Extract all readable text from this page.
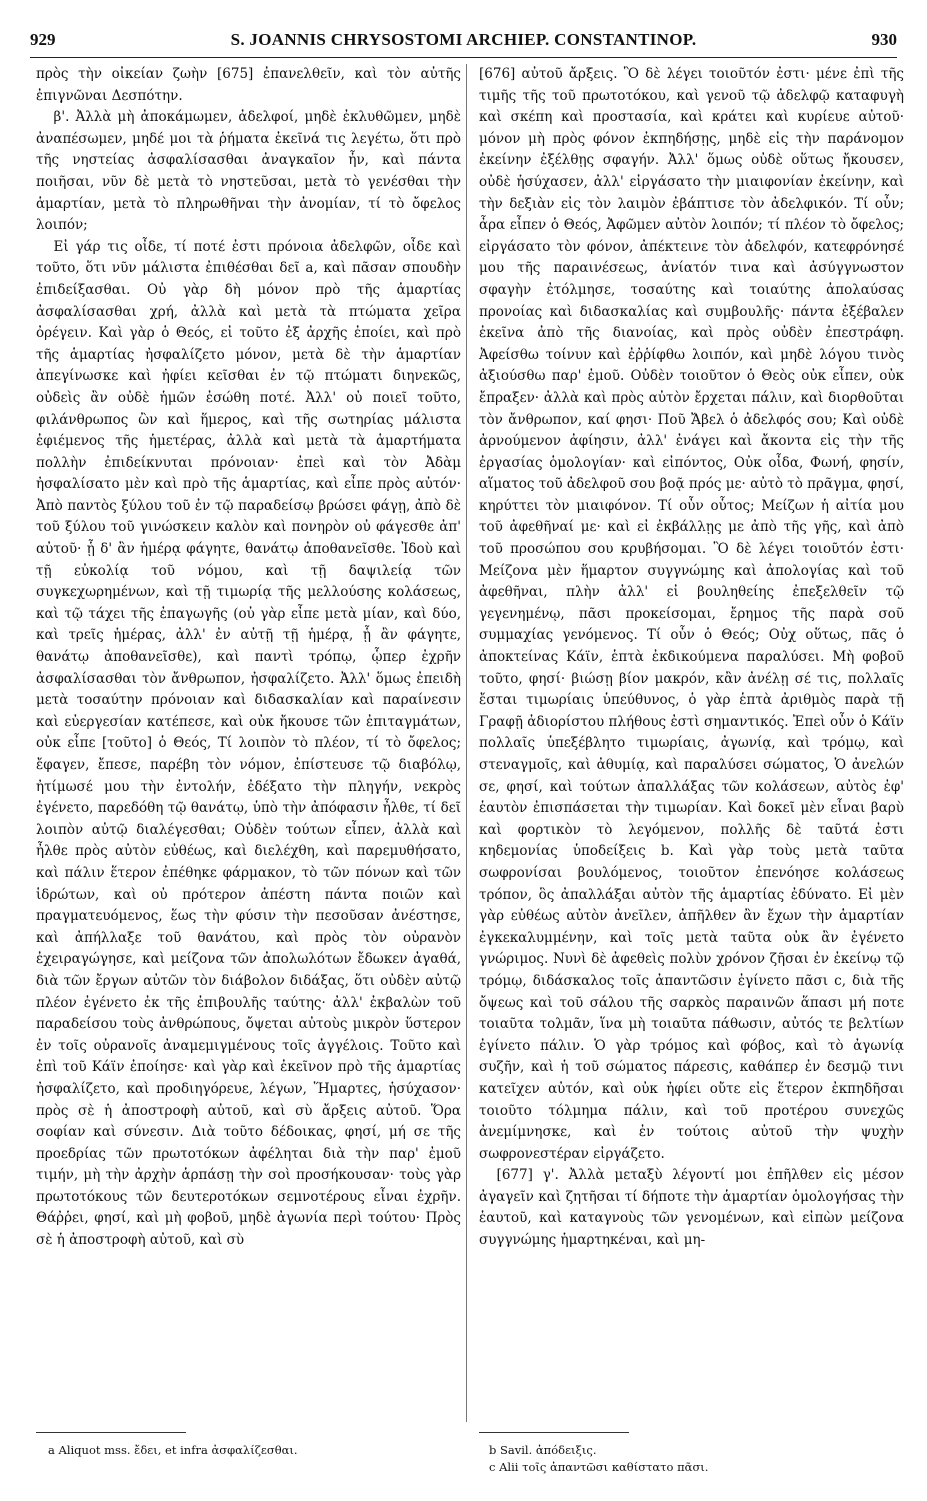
929	S. JOANNIS CHRYSOSTOMI ARCHIEP. CONSTANTINOP.	930

πρὸς τὴν οἰκείαν ζωὴν [675] ἐπανελθεῖν, καὶ τὸν αὐτῆς ἐπιγνῶναι Δεσπότην.

β'. Ἀλλὰ μὴ ἀποκάμωμεν, ἀδελφοί, μηδὲ ἐκλυθῶμεν, μηδὲ ἀναπέσωμεν, μηδέ μοι τὰ ῥήματα ἐκεῖνά τις λεγέτω, ὅτι πρὸ τῆς νηστείας ἀσφαλίσασθαι ἀναγκαῖον ἦν, καὶ πάντα ποιῆσαι, νῦν δὲ μετὰ τὸ νηστεῦσαι, μετὰ τὸ γενέσθαι τὴν ἁμαρτίαν, μετὰ τὸ πληρωθῆναι τὴν ἀνομίαν, τί τὸ ὄφελος λοιπόν;

Εἰ γάρ τις οἶδε, τί ποτέ ἐστι πρόνοια ἀδελφῶν, οἶδε καὶ τοῦτο, ὅτι νῦν μάλιστα ἐπιθέσθαι δεῖ a, καὶ πᾶσαν σπουδὴν ἐπιδείξασθαι. Οὐ γὰρ δὴ μόνον πρὸ τῆς ἁμαρτίας ἀσφαλίσασθαι χρή, ἀλλὰ καὶ μετὰ τὰ πτώματα χεῖρα ὀρέγειν. Καὶ γὰρ ὁ Θεός, εἰ τοῦτο ἐξ ἀρχῆς ἐποίει, καὶ πρὸ τῆς ἁμαρτίας ἠσφαλίζετο μόνον, μετὰ δὲ τὴν ἁμαρτίαν ἀπεγίνωσκε καὶ ἠφίει κεῖσθαι ἐν τῷ πτώματι διηνεκῶς, οὐδεὶς ἂν οὐδὲ ἡμῶν ἐσώθη ποτέ. Ἀλλ' οὐ ποιεῖ τοῦτο, φιλάνθρωπος ὢν καὶ ἥμερος, καὶ τῆς σωτηρίας μάλιστα ἐφιέμενος τῆς ἡμετέρας, ἀλλὰ καὶ μετὰ τὰ ἁμαρτήματα πολλὴν ἐπιδείκνυται πρόνοιαν· ἐπεὶ καὶ τὸν Ἀδὰμ ἠσφαλίσατο μὲν καὶ πρὸ τῆς ἁμαρτίας, καὶ εἶπε πρὸς αὐτόν· Ἀπὸ παντὸς ξύλου τοῦ ἐν τῷ παραδείσῳ βρώσει φάγῃ, ἀπὸ δὲ τοῦ ξύλου τοῦ γινώσκειν καλὸν καὶ πονηρὸν οὐ φάγεσθε ἀπ' αὐτοῦ· ᾗ δ' ἂν ἡμέρᾳ φάγητε, θανάτῳ ἀποθανεῖσθε. Ἰδοὺ καὶ τῇ εὐκολίᾳ τοῦ νόμου, καὶ τῇ δαψιλείᾳ τῶν συγκεχωρημένων, καὶ τῇ τιμωρίᾳ τῆς μελλούσης κολάσεως, καὶ τῷ τάχει τῆς ἐπαγωγῆς (οὐ γὰρ εἶπε μετὰ μίαν, καὶ δύο, καὶ τρεῖς ἡμέρας, ἀλλ' ἐν αὐτῇ τῇ ἡμέρᾳ, ᾗ ἂν φάγητε, θανάτῳ ἀποθανεῖσθε), καὶ παντὶ τρόπῳ, ᾧπερ ἐχρῆν ἀσφαλίσασθαι τὸν ἄνθρωπον, ἠσφαλίζετο. Ἀλλ' ὅμως ἐπειδὴ μετὰ τοσαύτην πρόνοιαν καὶ διδασκαλίαν καὶ παραίνεσιν καὶ εὐεργεσίαν κατέπεσε, καὶ οὐκ ἤκουσε τῶν ἐπιταγμάτων, οὐκ εἶπε [τοῦτο] ὁ Θεός, Τί λοιπὸν τὸ πλέον, τί τὸ ὄφελος; ἔφαγεν, ἔπεσε, παρέβη τὸν νόμον, ἐπίστευσε τῷ διαβόλῳ, ἠτίμωσέ μου τὴν ἐντολήν, ἐδέξατο τὴν πληγήν, νεκρὸς ἐγένετο, παρεδόθη τῷ θανάτῳ, ὑπὸ τὴν ἀπόφασιν ἦλθε, τί δεῖ λοιπὸν αὐτῷ διαλέγεσθαι; Οὐδὲν τούτων εἶπεν, ἀλλὰ καὶ ἦλθε πρὸς αὐτὸν εὐθέως, καὶ διελέχθη, καὶ παρεμυθήσατο, καὶ πάλιν ἕτερον ἐπέθηκε φάρμακον, τὸ τῶν πόνων καὶ τῶν ἱδρώτων, καὶ οὐ πρότερον ἀπέστη πάντα ποιῶν καὶ πραγματευόμενος, ἕως τὴν φύσιν τὴν πεσοῦσαν ἀνέστησε, καὶ ἀπήλλαξε τοῦ θανάτου, καὶ πρὸς τὸν οὐρανὸν ἐχειραγώγησε, καὶ μείζονα τῶν ἀπολωλότων ἔδωκεν ἀγαθά, διὰ τῶν ἔργων αὐτῶν τὸν διάβολον διδάξας, ὅτι οὐδὲν αὐτῷ πλέον ἐγένετο ἐκ τῆς ἐπιβουλῆς ταύτης· ἀλλ' ἐκβαλὼν τοῦ παραδείσου τοὺς ἀνθρώπους, ὄψεται αὐτοὺς μικρὸν ὕστερον ἐν τοῖς οὐρανοῖς ἀναμεμιγμένους τοῖς ἀγγέλοις. Τοῦτο καὶ ἐπὶ τοῦ Κάϊν ἐποίησε· καὶ γὰρ καὶ ἐκεῖνον πρὸ τῆς ἁμαρτίας ἠσφαλίζετο, καὶ προδιηγόρευε, λέγων, Ἥμαρτες, ἡσύχασον· πρὸς σὲ ἡ ἀποστροφὴ αὐτοῦ, καὶ σὺ ἄρξεις αὐτοῦ. Ὅρα σοφίαν καὶ σύνεσιν. Διὰ τοῦτο δέδοικας, φησί, μή σε τῆς προεδρίας τῶν πρωτοτόκων ἀφέληται διὰ τὴν παρ' ἐμοῦ τιμήν, μὴ τὴν ἀρχὴν ἁρπάσῃ τὴν σοὶ προσήκουσαν· τοὺς γὰρ πρωτοτόκους τῶν δευτεροτόκων σεμνοτέρους εἶναι ἐχρῆν. Θάῤῥει, φησί, καὶ μὴ φοβοῦ, μηδὲ ἀγωνία περὶ τούτου· Πρὸς σὲ ἡ ἀποστροφὴ αὐτοῦ, καὶ σὺ

[676] αὐτοῦ ἄρξεις. Ὃ δὲ λέγει τοιοῦτόν ἐστι· μένε ἐπὶ τῆς τιμῆς τῆς τοῦ πρωτοτόκου, καὶ γενοῦ τῷ ἀδελφῷ καταφυγὴ καὶ σκέπη καὶ προστασία, καὶ κράτει καὶ κυρίευε αὐτοῦ· μόνον μὴ πρὸς φόνον ἐκπηδήσῃς, μηδὲ εἰς τὴν παράνομον ἐκείνην ἐξέλθῃς σφαγήν. Ἀλλ' ὅμως οὐδὲ οὕτως ἤκουσεν, οὐδὲ ἡσύχασεν, ἀλλ' εἰργάσατο τὴν μιαιφονίαν ἐκείνην, καὶ τὴν δεξιὰν εἰς τὸν λαιμὸν ἐβάπτισε τὸν ἀδελφικόν. Τί οὖν; ἆρα εἶπεν ὁ Θεός, Ἀφῶμεν αὐτὸν λοιπόν; τί πλέον τὸ ὄφελος; εἰργάσατο τὸν φόνον, ἀπέκτεινε τὸν ἀδελφόν, κατεφρόνησέ μου τῆς παραινέσεως, ἀνίατόν τινα καὶ ἀσύγγνωστον σφαγὴν ἐτόλμησε, τοσαύτης καὶ τοιαύτης ἀπολαύσας προνοίας καὶ διδασκαλίας καὶ συμβουλῆς· πάντα ἐξέβαλεν ἐκεῖνα ἀπὸ τῆς διανοίας, καὶ πρὸς οὐδὲν ἐπεστράφη. Ἀφείσθω τοίνυν καὶ ἐῤῥίφθω λοιπόν, καὶ μηδὲ λόγου τινὸς ἀξιούσθω παρ' ἐμοῦ. Οὐδὲν τοιοῦτον ὁ Θεὸς οὐκ εἶπεν, οὐκ ἔπραξεν· ἀλλὰ καὶ πρὸς αὐτὸν ἔρχεται πάλιν, καὶ διορθοῦται τὸν ἄνθρωπον, καί φησι· Ποῦ Ἄβελ ὁ ἀδελφός σου; Καὶ οὐδὲ ἀρνούμενον ἀφίησιν, ἀλλ' ἐνάγει καὶ ἄκοντα εἰς τὴν τῆς ἐργασίας ὁμολογίαν· καὶ εἰπόντος, Οὐκ οἶδα, Φωνή, φησίν, αἵματος τοῦ ἀδελφοῦ σου βοᾷ πρός με· αὐτὸ τὸ πρᾶγμα, φησί, κηρύττει τὸν μιαιφόνον. Τί οὖν οὗτος; Μείζων ἡ αἰτία μου τοῦ ἀφεθῆναί με· καὶ εἰ ἐκβάλλῃς με ἀπὸ τῆς γῆς, καὶ ἀπὸ τοῦ προσώπου σου κρυβήσομαι. Ὃ δὲ λέγει τοιοῦτόν ἐστι· Μείζονα μὲν ἥμαρτον συγγνώμης καὶ ἀπολογίας καὶ τοῦ ἀφεθῆναι, πλὴν ἀλλ' εἰ βουληθείης ἐπεξελθεῖν τῷ γεγενημένῳ, πᾶσι προκείσομαι, ἔρημος τῆς παρὰ σοῦ συμμαχίας γενόμενος. Τί οὖν ὁ Θεός; Οὐχ οὕτως, πᾶς ὁ ἀποκτείνας Κάϊν, ἑπτὰ ἐκδικούμενα παραλύσει. Μὴ φοβοῦ τοῦτο, φησί· βιώσῃ βίον μακρόν, κἂν ἀνέλῃ σέ τις, πολλαῖς ἔσται τιμωρίαις ὑπεύθυνος, ὁ γὰρ ἑπτὰ ἀριθμὸς παρὰ τῇ Γραφῇ ἀδιορίστου πλήθους ἐστὶ σημαντικός. Ἐπεὶ οὖν ὁ Κάϊν πολλαῖς ὑπεξέβλητο τιμωρίαις, ἀγωνίᾳ, καὶ τρόμῳ, καὶ στεναγμοῖς, καὶ ἀθυμίᾳ, καὶ παραλύσει σώματος, Ὁ ἀνελών σε, φησί, καὶ τούτων ἀπαλλάξας τῶν κολάσεων, αὐτὸς ἐφ' ἑαυτὸν ἐπισπάσεται τὴν τιμωρίαν. Καὶ δοκεῖ μὲν εἶναι βαρὺ καὶ φορτικὸν τὸ λεγόμενον, πολλῆς δὲ ταῦτά ἐστι κηδεμονίας ὑποδείξεις b. Καὶ γὰρ τοὺς μετὰ ταῦτα σωφρονίσαι βουλόμενος, τοιοῦτον ἐπενόησε κολάσεως τρόπον, ὃς ἀπαλλάξαι αὐτὸν τῆς ἁμαρτίας ἐδύνατο. Εἰ μὲν γὰρ εὐθέως αὐτὸν ἀνεῖλεν, ἀπῆλθεν ἂν ἔχων τὴν ἁμαρτίαν ἐγκεκαλυμμένην, καὶ τοῖς μετὰ ταῦτα οὐκ ἂν ἐγένετο γνώριμος. Νυνὶ δὲ ἀφεθεὶς πολὺν χρόνον ζῆσαι ἐν ἐκείνῳ τῷ τρόμῳ, διδάσκαλος τοῖς ἀπαντῶσιν ἐγίνετο πᾶσι c, διὰ τῆς ὄψεως καὶ τοῦ σάλου τῆς σαρκὸς παραινῶν ἅπασι μή ποτε τοιαῦτα τολμᾶν, ἵνα μὴ τοιαῦτα πάθωσιν, αὐτός τε βελτίων ἐγίνετο πάλιν. Ὁ γὰρ τρόμος καὶ φόβος, καὶ τὸ ἀγωνίᾳ συζῆν, καὶ ἡ τοῦ σώματος πάρεσις, καθάπερ ἐν δεσμῷ τινι κατεῖχεν αὐτόν, καὶ οὐκ ἠφίει οὔτε εἰς ἕτερον ἐκπηδῆσαι τοιοῦτο τόλμημα πάλιν, καὶ τοῦ προτέρου συνεχῶς ἀνεμίμνησκε, καὶ ἐν τούτοις αὐτοῦ τὴν ψυχὴν σωφρονεστέραν εἰργάζετο.

[677] γ'. Ἀλλὰ μεταξὺ λέγοντί μοι ἐπῆλθεν εἰς μέσον ἀγαγεῖν καὶ ζητῆσαι τί δήποτε τὴν ἁμαρτίαν ὁμολογήσας τὴν ἑαυτοῦ, καὶ καταγνοὺς τῶν γενομένων, καὶ εἰπὼν μείζονα συγγνώμης ἡμαρτηκέναι, καὶ μη-

a Aliquot mss. ἔδει, et infra ἀσφαλίζεσθαι.	b Savil. ἀπόδειξις.
c Alii τοῖς ἀπαντῶσι καθίστατο πᾶσι.
